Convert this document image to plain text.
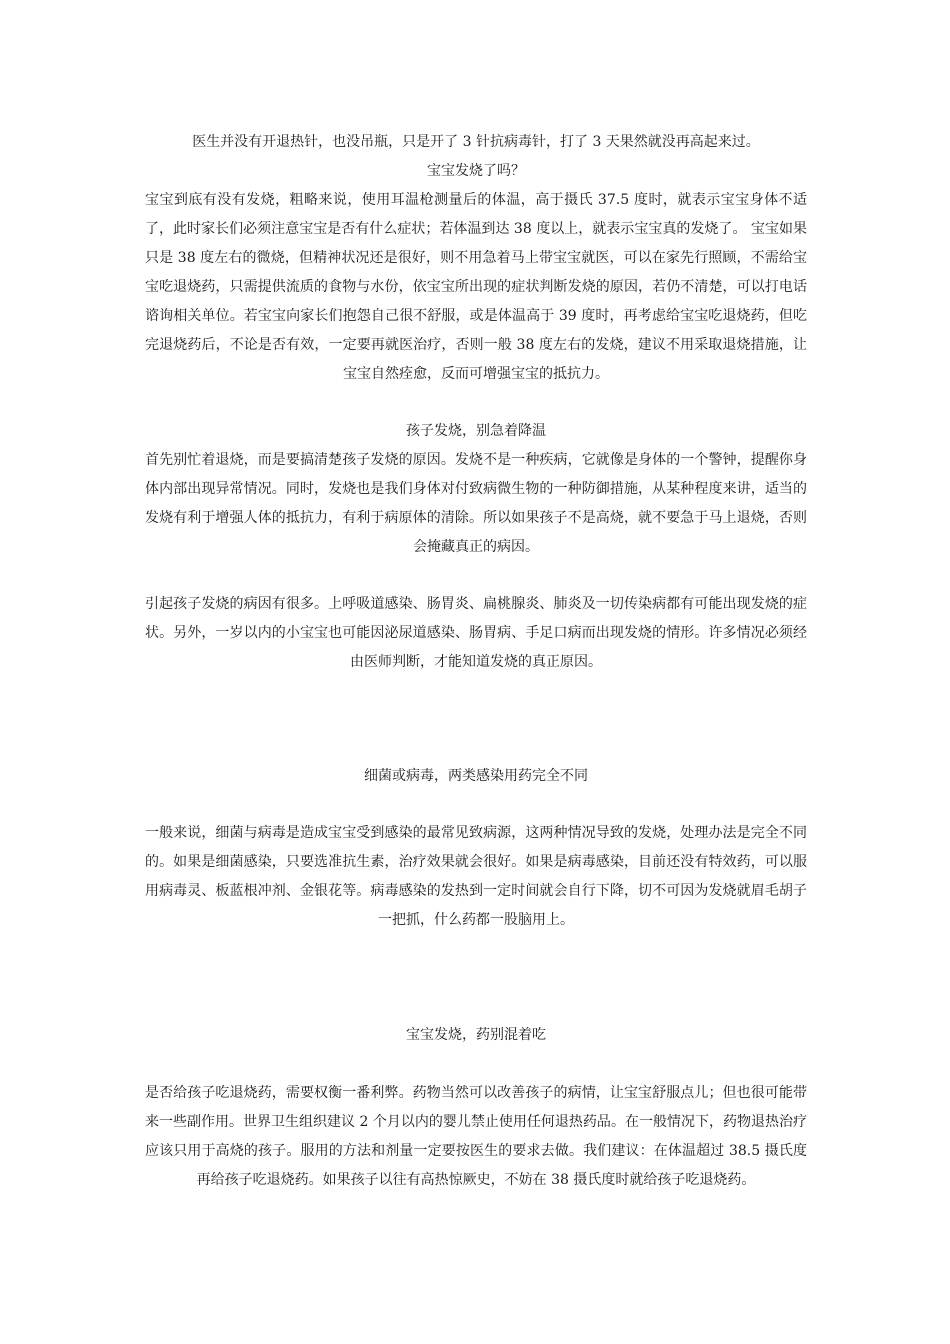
医生并没有开退热针，也没吊瓶，只是开了 3 针抗病毒针，打了 3 天果然就没再高起来过。

宝宝发烧了吗？

宝宝到底有没有发烧，粗略来说，使用耳温枪测量后的体温，高于摄氏 37.5 度时，就表示宝宝身体不适了，此时家长们必须注意宝宝是否有什么症状；若体温到达 38 度以上，就表示宝宝真的发烧了。 宝宝如果只是 38 度左右的微烧，但精神状况还是很好，则不用急着马上带宝宝就医，可以在家先行照顾，不需给宝宝吃退烧药，只需提供流质的食物与水份，依宝宝所出现的症状判断发烧的原因，若仍不清楚，可以打电话谘询相关单位。若宝宝向家长们抱怨自己很不舒服，或是体温高于 39 度时，再考虑给宝宝吃退烧药，但吃完退烧药后，不论是否有效，一定要再就医治疗，否则一般 38 度左右的发烧，建议不用采取退烧措施，让宝宝自然痊愈，反而可增强宝宝的抵抗力。

孩子发烧，别急着降温

首先别忙着退烧，而是要搞清楚孩子发烧的原因。发烧不是一种疾病，它就像是身体的一个警钟，提醒你身体内部出现异常情况。同时，发烧也是我们身体对付致病微生物的一种防御措施，从某种程度来讲，适当的发烧有利于增强人体的抵抗力，有利于病原体的清除。所以如果孩子不是高烧，就不要急于马上退烧，否则会掩藏真正的病因。

引起孩子发烧的病因有很多。上呼吸道感染、肠胃炎、扁桃腺炎、肺炎及一切传染病都有可能出现发烧的症状。另外，一岁以内的小宝宝也可能因泌尿道感染、肠胃病、手足口病而出现发烧的情形。许多情况必须经由医师判断，才能知道发烧的真正原因。

细菌或病毒，两类感染用药完全不同

一般来说，细菌与病毒是造成宝宝受到感染的最常见致病源，这两种情况导致的发烧，处理办法是完全不同的。如果是细菌感染，只要选准抗生素，治疗效果就会很好。如果是病毒感染，目前还没有特效药，可以服用病毒灵、板蓝根冲剂、金银花等。病毒感染的发热到一定时间就会自行下降，切不可因为发烧就眉毛胡子一把抓，什么药都一股脑用上。

宝宝发烧，药别混着吃

是否给孩子吃退烧药，需要权衡一番利弊。药物当然可以改善孩子的病情，让宝宝舒服点儿；但也很可能带来一些副作用。世界卫生组织建议 2 个月以内的婴儿禁止使用任何退热药品。在一般情况下，药物退热治疗应该只用于高烧的孩子。服用的方法和剂量一定要按医生的要求去做。我们建议：在体温超过 38.5 摄氏度再给孩子吃退烧药。如果孩子以往有高热惊厥史，不妨在 38 摄氏度时就给孩子吃退烧药。
